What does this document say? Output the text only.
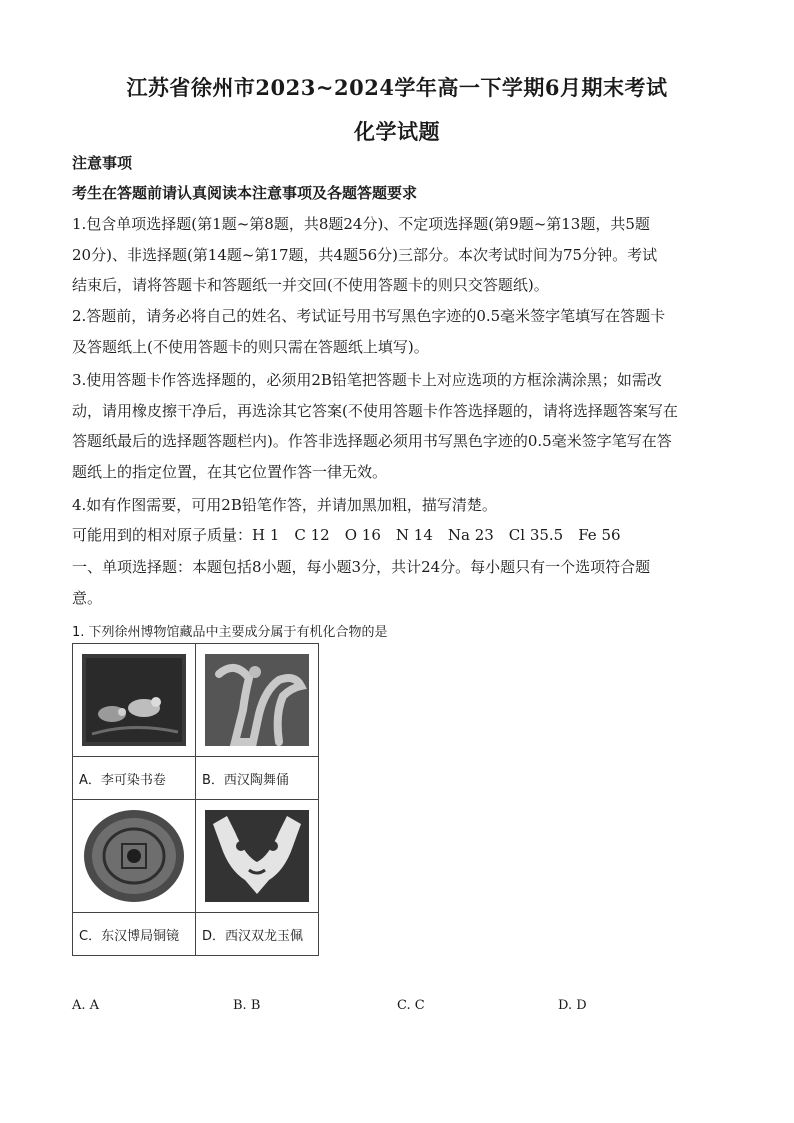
江苏省徐州市2023~2024学年高一下学期6月期末考试
化学试题
注意事项
考生在答题前请认真阅读本注意事项及各题答题要求
1.包含单项选择题(第1题~第8题，共8题24分)、不定项选择题(第9题~第13题，共5题
20分)、非选择题(第14题~第17题，共4题56分)三部分。本次考试时间为75分钟。考试
结束后，请将答题卡和答题纸一并交回(不使用答题卡的则只交答题纸)。
2.答题前，请务必将自己的姓名、考试证号用书写黑色字迹的0.5毫米签字笔填写在答题卡
及答题纸上(不使用答题卡的则只需在答题纸上填写)。
3.使用答题卡作答选择题的，必须用2B铅笔把答题卡上对应选项的方框涂满涂黑；如需改
动，请用橡皮擦干净后，再选涂其它答案(不使用答题卡作答选择题的，请将选择题答案写在
答题纸最后的选择题答题栏内)。作答非选择题必须用书写黑色字迹的0.5毫米签字笔写在答
题纸上的指定位置，在其它位置作答一律无效。
4.如有作图需要，可用2B铅笔作答，并请加黑加粗，描写清楚。
可能用到的相对原子质量：H 1　C 12　O 16　N 14　Na 23　Cl 35.5　Fe 56
一、单项选择题：本题包括8小题，每小题3分，共计24分。每小题只有一个选项符合题
意。
1. 下列徐州博物馆藏品中主要成分属于有机化合物的是

A．李可染书卷	B．西汉陶舞俑

C．东汉博局铜镜	D．西汉双龙玉佩
A. A	B. B	C. C	D. D
